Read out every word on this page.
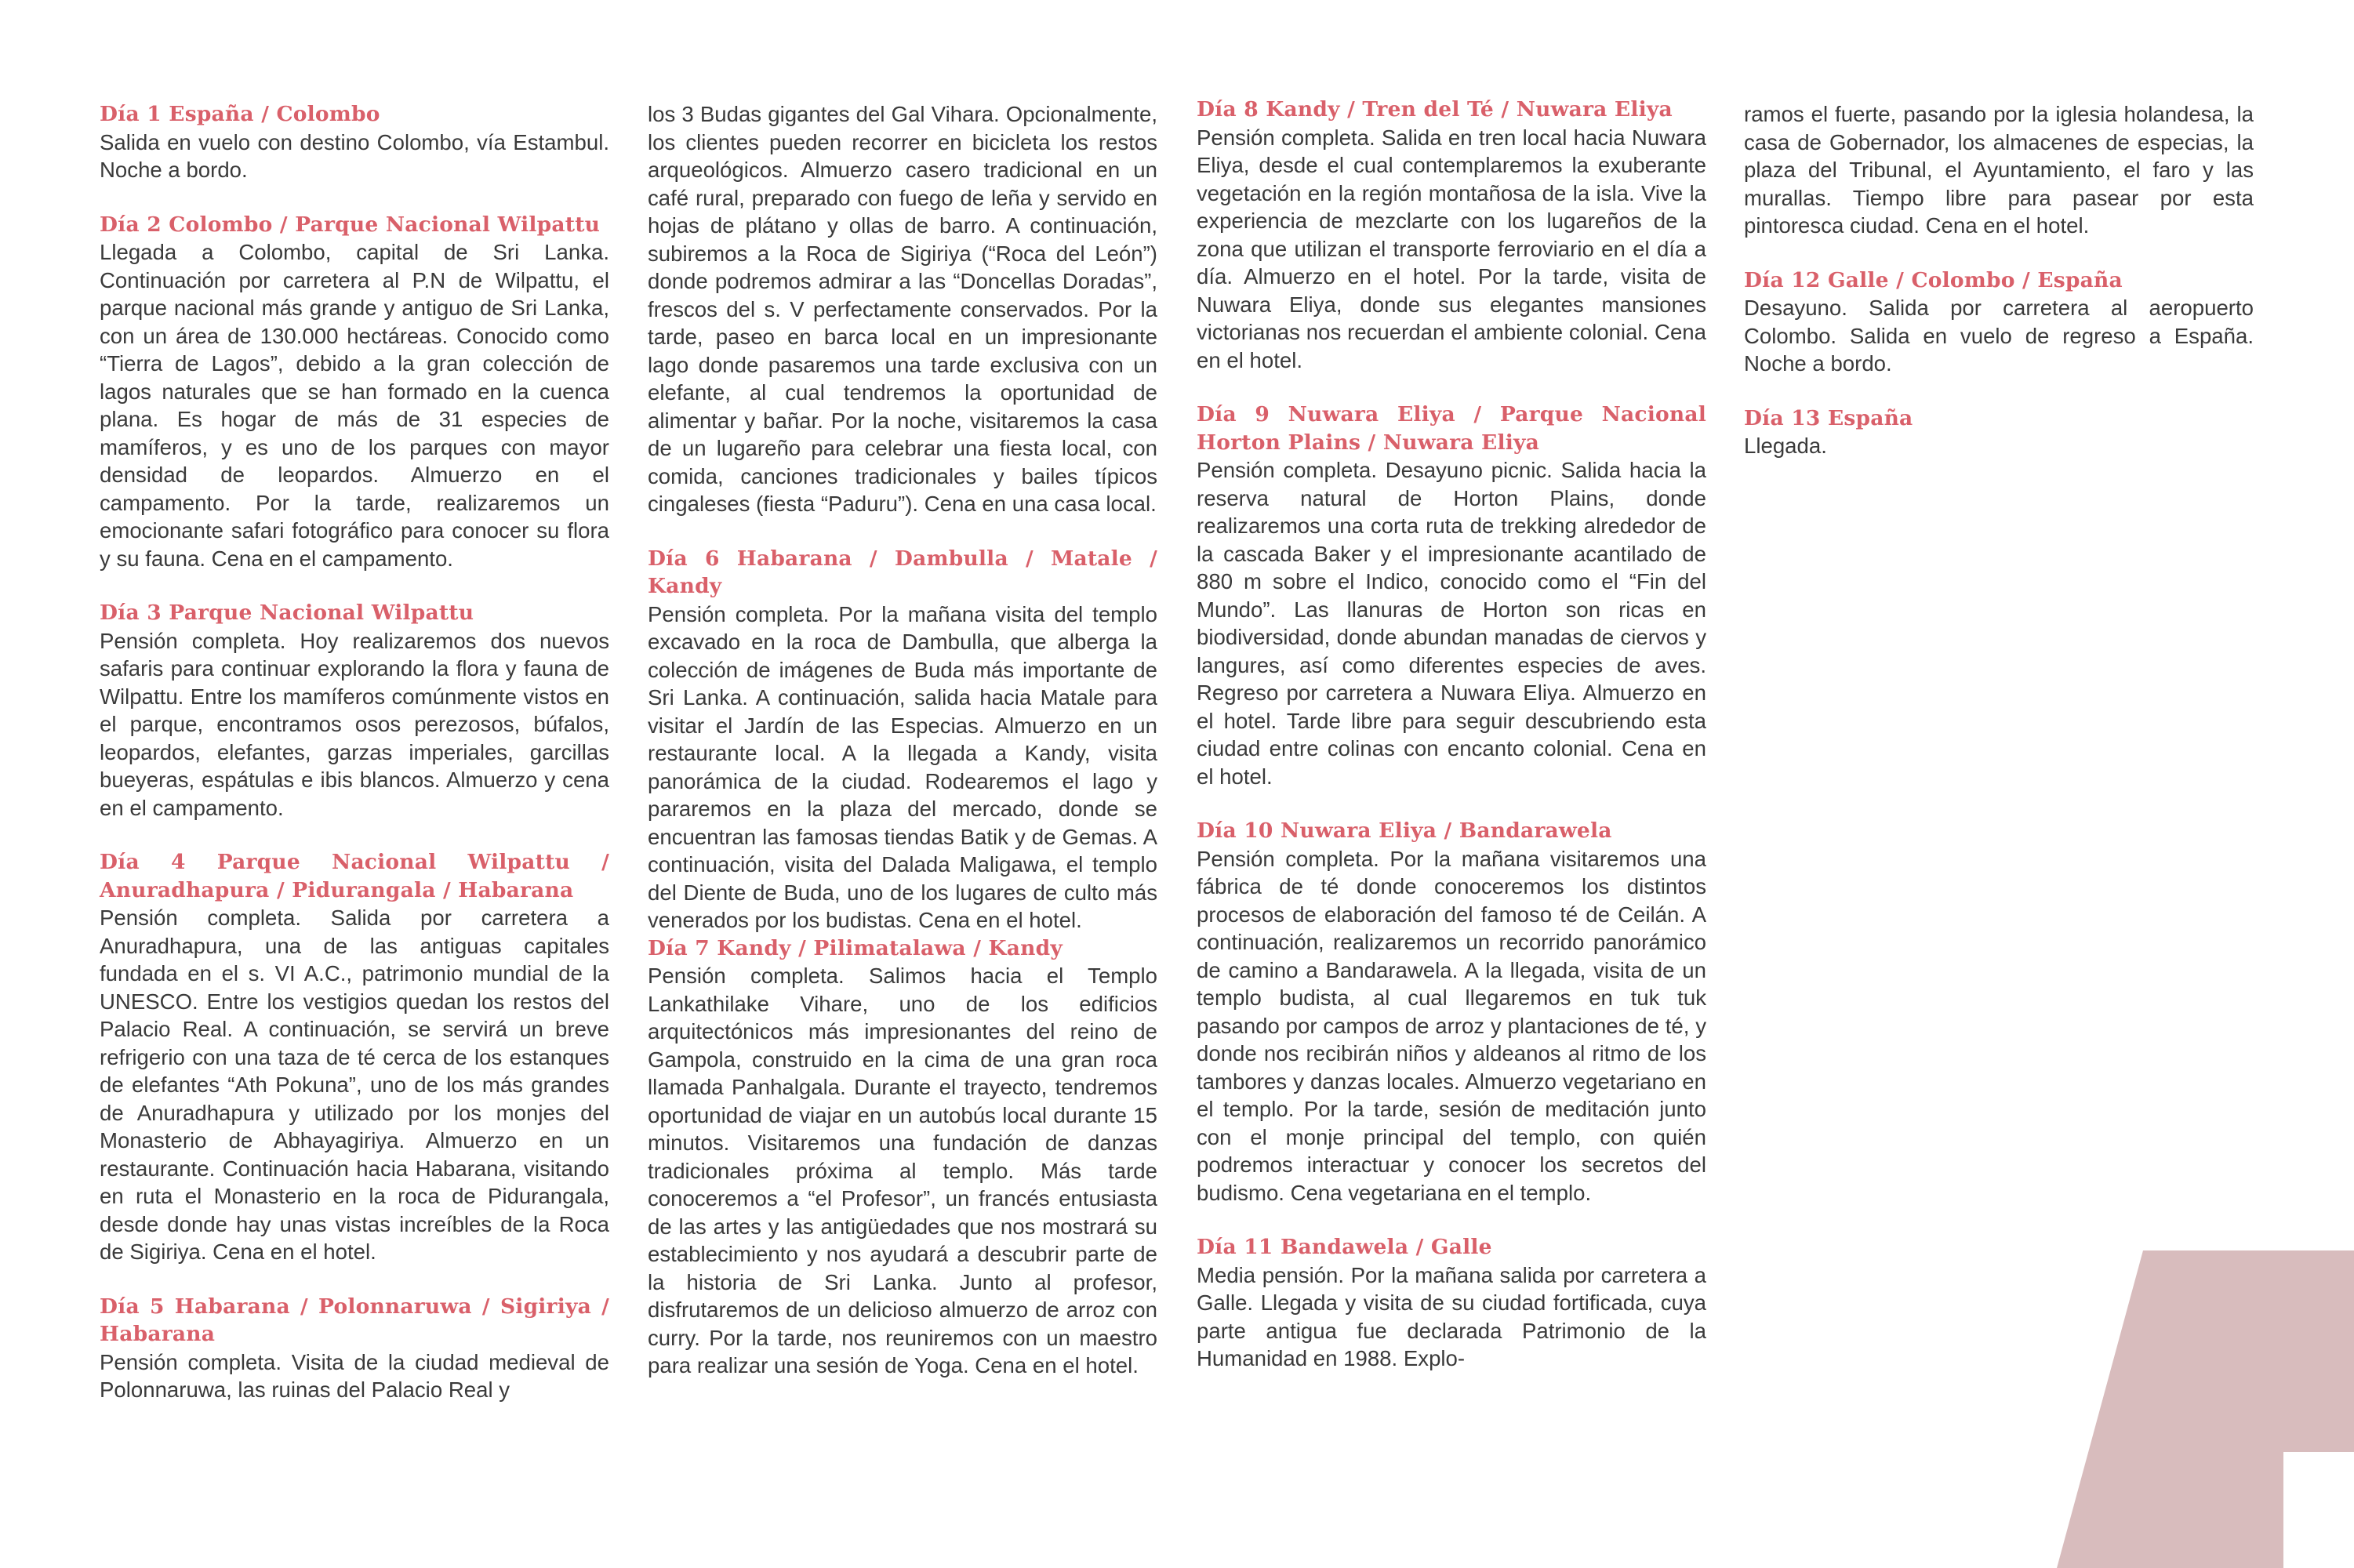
Día 1 España / Colombo

Salida en vuelo con destino Colombo, vía Estambul. Noche a bordo.

Día 2 Colombo / Parque Nacional Wilpattu

Llegada a Colombo, capital de Sri Lanka. Continuación por carretera al P.N de Wilpattu, el parque nacional más grande y antiguo de Sri Lanka, con un área de 130.000 hectáreas. Conocido como “Tierra de Lagos”, debido a la gran colección de lagos naturales que se han formado en la cuenca plana. Es hogar de más de 31 especies de mamíferos, y es uno de los parques con mayor densidad de leopardos. Almuerzo en el campamento. Por la tarde, realizaremos un emocionante safari fotográfico para conocer su flora y su fauna. Cena en el campamento.

Día 3 Parque Nacional Wilpattu

Pensión completa. Hoy realizaremos dos nuevos safaris para continuar explorando la flora y fauna de Wilpattu. Entre los mamíferos comúnmente vistos en el parque, encontramos osos perezosos, búfalos, leopardos, elefantes, garzas imperiales, garcillas bueyeras, espátulas e ibis blancos. Almuerzo y cena en el campamento.

Día 4 Parque Nacional Wilpattu / Anuradhapura / Pidurangala / Habarana

Pensión completa. Salida por carretera a Anuradhapura, una de las antiguas capitales fundada en el s. VI A.C., patrimonio mundial de la UNESCO. Entre los vestigios quedan los restos del Palacio Real. A continuación, se servirá un breve refrigerio con una taza de té cerca de los estanques de elefantes “Ath Pokuna”, uno de los más grandes de Anuradhapura y utilizado por los monjes del Monasterio de Abhayagiriya. Almuerzo en un restaurante. Continuación hacia Habarana, visitando en ruta el Monasterio en la roca de Pidurangala, desde donde hay unas vistas increíbles de la Roca de Sigiriya. Cena en el hotel.

Día 5 Habarana / Polonnaruwa / Sigiriya / Habarana

Pensión completa. Visita de la ciudad medieval de Polonnaruwa, las ruinas del Palacio Real y

los 3 Budas gigantes del Gal Vihara. Opcionalmente, los clientes pueden recorrer en bicicleta los restos arqueológicos. Almuerzo casero tradicional en un café rural, preparado con fuego de leña y servido en hojas de plátano y ollas de barro. A continuación, subiremos a la Roca de Sigiriya (“Roca del León”) donde podremos admirar a las “Doncellas Doradas”, frescos del s. V perfectamente conservados. Por la tarde, paseo en barca local en un impresionante lago donde pasaremos una tarde exclusiva con un elefante, al cual tendremos la oportunidad de alimentar y bañar. Por la noche, visitaremos la casa de un lugareño para celebrar una fiesta local, con comida, canciones tradicionales y bailes típicos cingaleses (fiesta “Paduru”). Cena en una casa local.

Día 6 Habarana / Dambulla / Matale / Kandy

Pensión completa. Por la mañana visita del templo excavado en la roca de Dambulla, que alberga la colección de imágenes de Buda más importante de Sri Lanka. A continuación, salida hacia Matale para visitar el Jardín de las Especias. Almuerzo en un restaurante local. A la llegada a Kandy, visita panorámica de la ciudad. Rodearemos el lago y pararemos en la plaza del mercado, donde se encuentran las famosas tiendas Batik y de Gemas. A continuación, visita del Dalada Maligawa, el templo del Diente de Buda, uno de los lugares de culto más venerados por los budistas. Cena en el hotel.

Día 7 Kandy / Pilimatalawa / Kandy

Pensión completa. Salimos hacia el Templo Lankathilake Vihare, uno de los edificios arquitectónicos más impresionantes del reino de Gampola, construido en la cima de una gran roca llamada Panhalgala. Durante el trayecto, tendremos oportunidad de viajar en un autobús local durante 15 minutos. Visitaremos una fundación de danzas tradicionales próxima al templo. Más tarde conoceremos a “el Profesor”, un francés entusiasta de las artes y las antigüedades que nos mostrará su establecimiento y nos ayudará a descubrir parte de la historia de Sri Lanka. Junto al profesor, disfrutaremos de un delicioso almuerzo de arroz con curry. Por la tarde, nos reuniremos con un maestro para realizar una sesión de Yoga. Cena en el hotel.

Día 8 Kandy / Tren del Té / Nuwara Eliya

Pensión completa. Salida en tren local hacia Nuwara Eliya, desde el cual contemplaremos la exuberante vegetación en la región montañosa de la isla. Vive la experiencia de mezclarte con los lugareños de la zona que utilizan el transporte ferroviario en el día a día. Almuerzo en el hotel. Por la tarde, visita de Nuwara Eliya, donde sus elegantes mansiones victorianas nos recuerdan el ambiente colonial. Cena en el hotel.

Día 9 Nuwara Eliya / Parque Nacional Horton Plains / Nuwara Eliya

Pensión completa. Desayuno picnic. Salida hacia la reserva natural de Horton Plains, donde realizaremos una corta ruta de trekking alrededor de la cascada Baker y el impresionante acantilado de 880 m sobre el Indico, conocido como el “Fin del Mundo”. Las llanuras de Horton son ricas en biodiversidad, donde abundan manadas de ciervos y langures, así como diferentes especies de aves. Regreso por carretera a Nuwara Eliya. Almuerzo en el hotel. Tarde libre para seguir descubriendo esta ciudad entre colinas con encanto colonial. Cena en el hotel.

Día 10 Nuwara Eliya / Bandarawela

Pensión completa. Por la mañana visitaremos una fábrica de té donde conoceremos los distintos procesos de elaboración del famoso té de Ceilán. A continuación, realizaremos un recorrido panorámico de camino a Bandarawela. A la llegada, visita de un templo budista, al cual llegaremos en tuk tuk pasando por campos de arroz y plantaciones de té, y donde nos recibirán niños y aldeanos al ritmo de los tambores y danzas locales. Almuerzo vegetariano en el templo. Por la tarde, sesión de meditación junto con el monje principal del templo, con quién podremos interactuar y conocer los secretos del budismo. Cena vegetariana en el templo.

Día 11 Bandawela / Galle

Media pensión. Por la mañana salida por carretera a Galle. Llegada y visita de su ciudad fortificada, cuya parte antigua fue declarada Patrimonio de la Humanidad en 1988. Explo-

ramos el fuerte, pasando por la iglesia holandesa, la casa de Gobernador, los almacenes de especias, la plaza del Tribunal, el Ayuntamiento, el faro y las murallas. Tiempo libre para pasear por esta pintoresca ciudad. Cena en el hotel.

Día 12 Galle / Colombo / España

Desayuno. Salida por carretera al aeropuerto Colombo. Salida en vuelo de regreso a España. Noche a bordo.

Día 13 España

Llegada.
